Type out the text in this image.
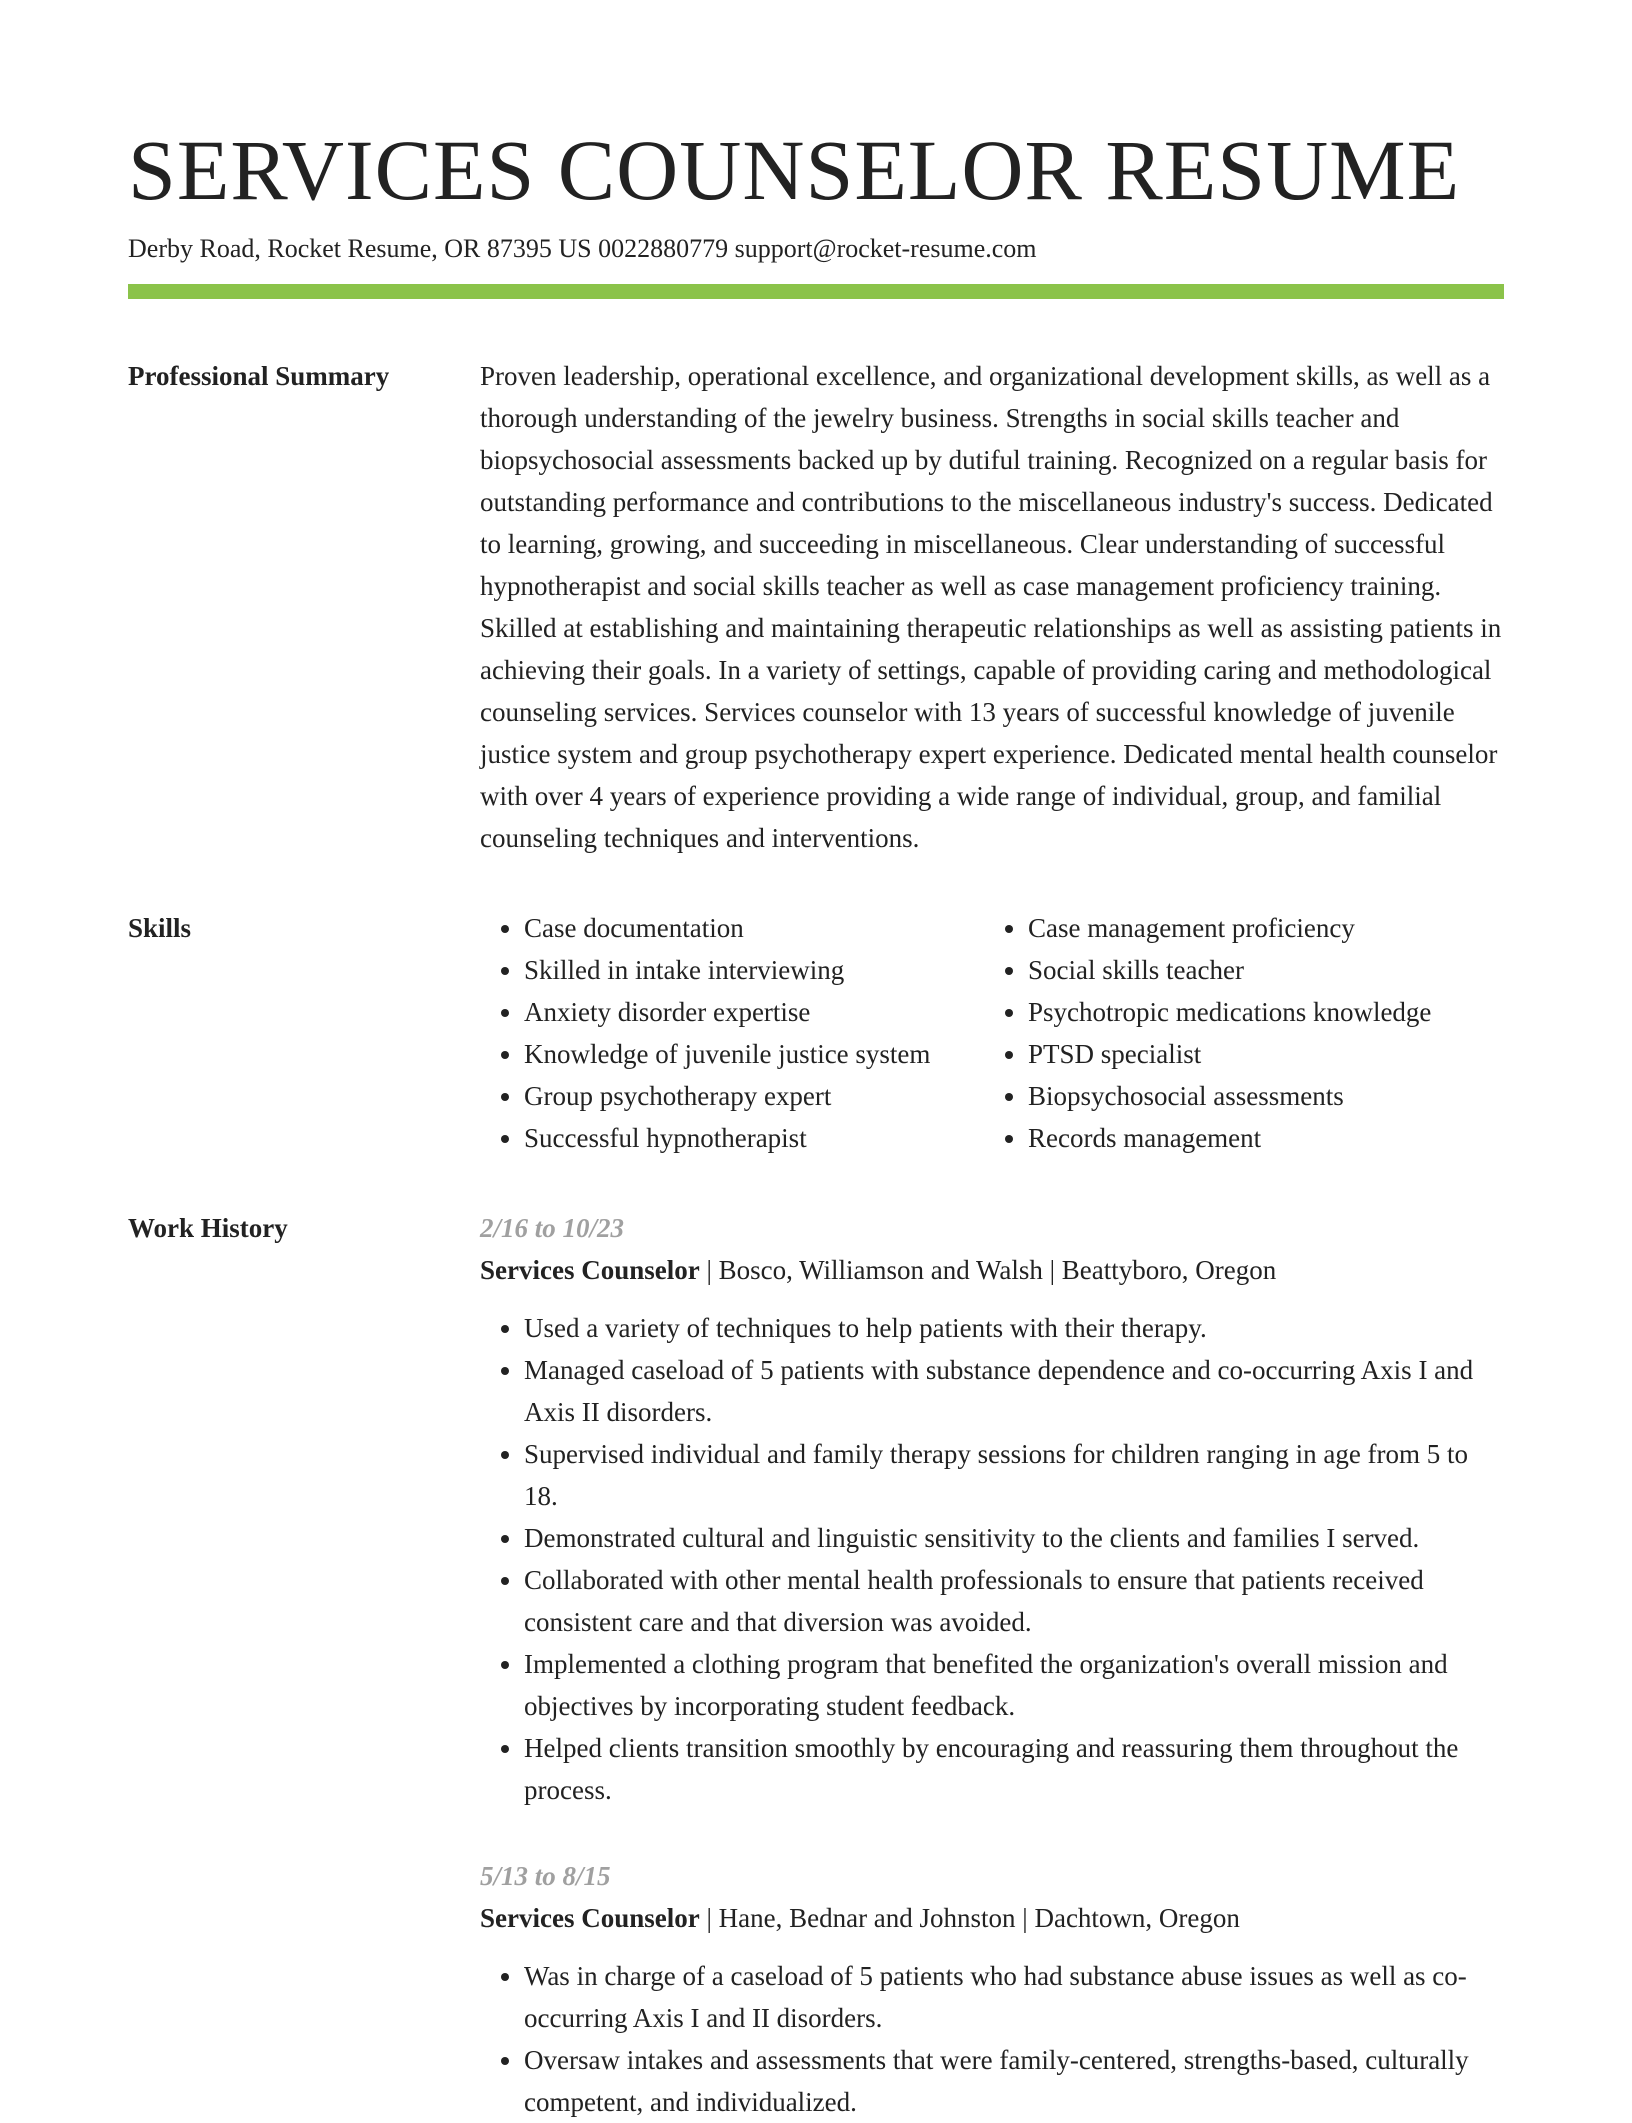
SERVICES COUNSELOR RESUME
Derby Road, Rocket Resume, OR 87395 US 0022880779 support@rocket-resume.com
Professional Summary	Proven leadership, operational excellence, and organizational development skills, as well as a thorough understanding of the jewelry business. Strengths in social skills teacher and biopsychosocial assessments backed up by dutiful training. Recognized on a regular basis for outstanding performance and contributions to the miscellaneous industry's success. Dedicated to learning, growing, and succeeding in miscellaneous. Clear understanding of successful hypnotherapist and social skills teacher as well as case management proficiency training. Skilled at establishing and maintaining therapeutic relationships as well as assisting patients in achieving their goals. In a variety of settings, capable of providing caring and methodological counseling services. Services counselor with 13 years of successful knowledge of juvenile justice system and group psychotherapy expert experience. Dedicated mental health counselor with over 4 years of experience providing a wide range of individual, group, and familial counseling techniques and interventions.

Skills
•	Case documentation
• Skilled in intake interviewing
• Anxiety disorder expertise
• Knowledge of juvenile justice system
• Group psychotherapy expert
• Successful hypnotherapist
• Case management proficiency
• Social skills teacher
• Psychotropic medications knowledge
• PTSD specialist
• Biopsychosocial assessments
• Records management
Work History	2/16 to 10/23
Services Counselor | Bosco, Williamson and Walsh | Beattyboro, Oregon
• Used a variety of techniques to help patients with their therapy.
• Managed caseload of 5 patients with substance dependence and co-occurring Axis I and Axis II disorders.
• Supervised individual and family therapy sessions for children ranging in age from 5 to 18.
• Demonstrated cultural and linguistic sensitivity to the clients and families I served.
• Collaborated with other mental health professionals to ensure that patients received consistent care and that diversion was avoided.
• Implemented a clothing program that benefited the organization's overall mission and objectives by incorporating student feedback.
• Helped clients transition smoothly by encouraging and reassuring them throughout the process.
5/13 to 8/15
Services Counselor | Hane, Bednar and Johnston | Dachtown, Oregon
• Was in charge of a caseload of 5 patients who had substance abuse issues as well as co-occurring Axis I and II disorders.
• Oversaw intakes and assessments that were family-centered, strengths-based, culturally competent, and individualized.
